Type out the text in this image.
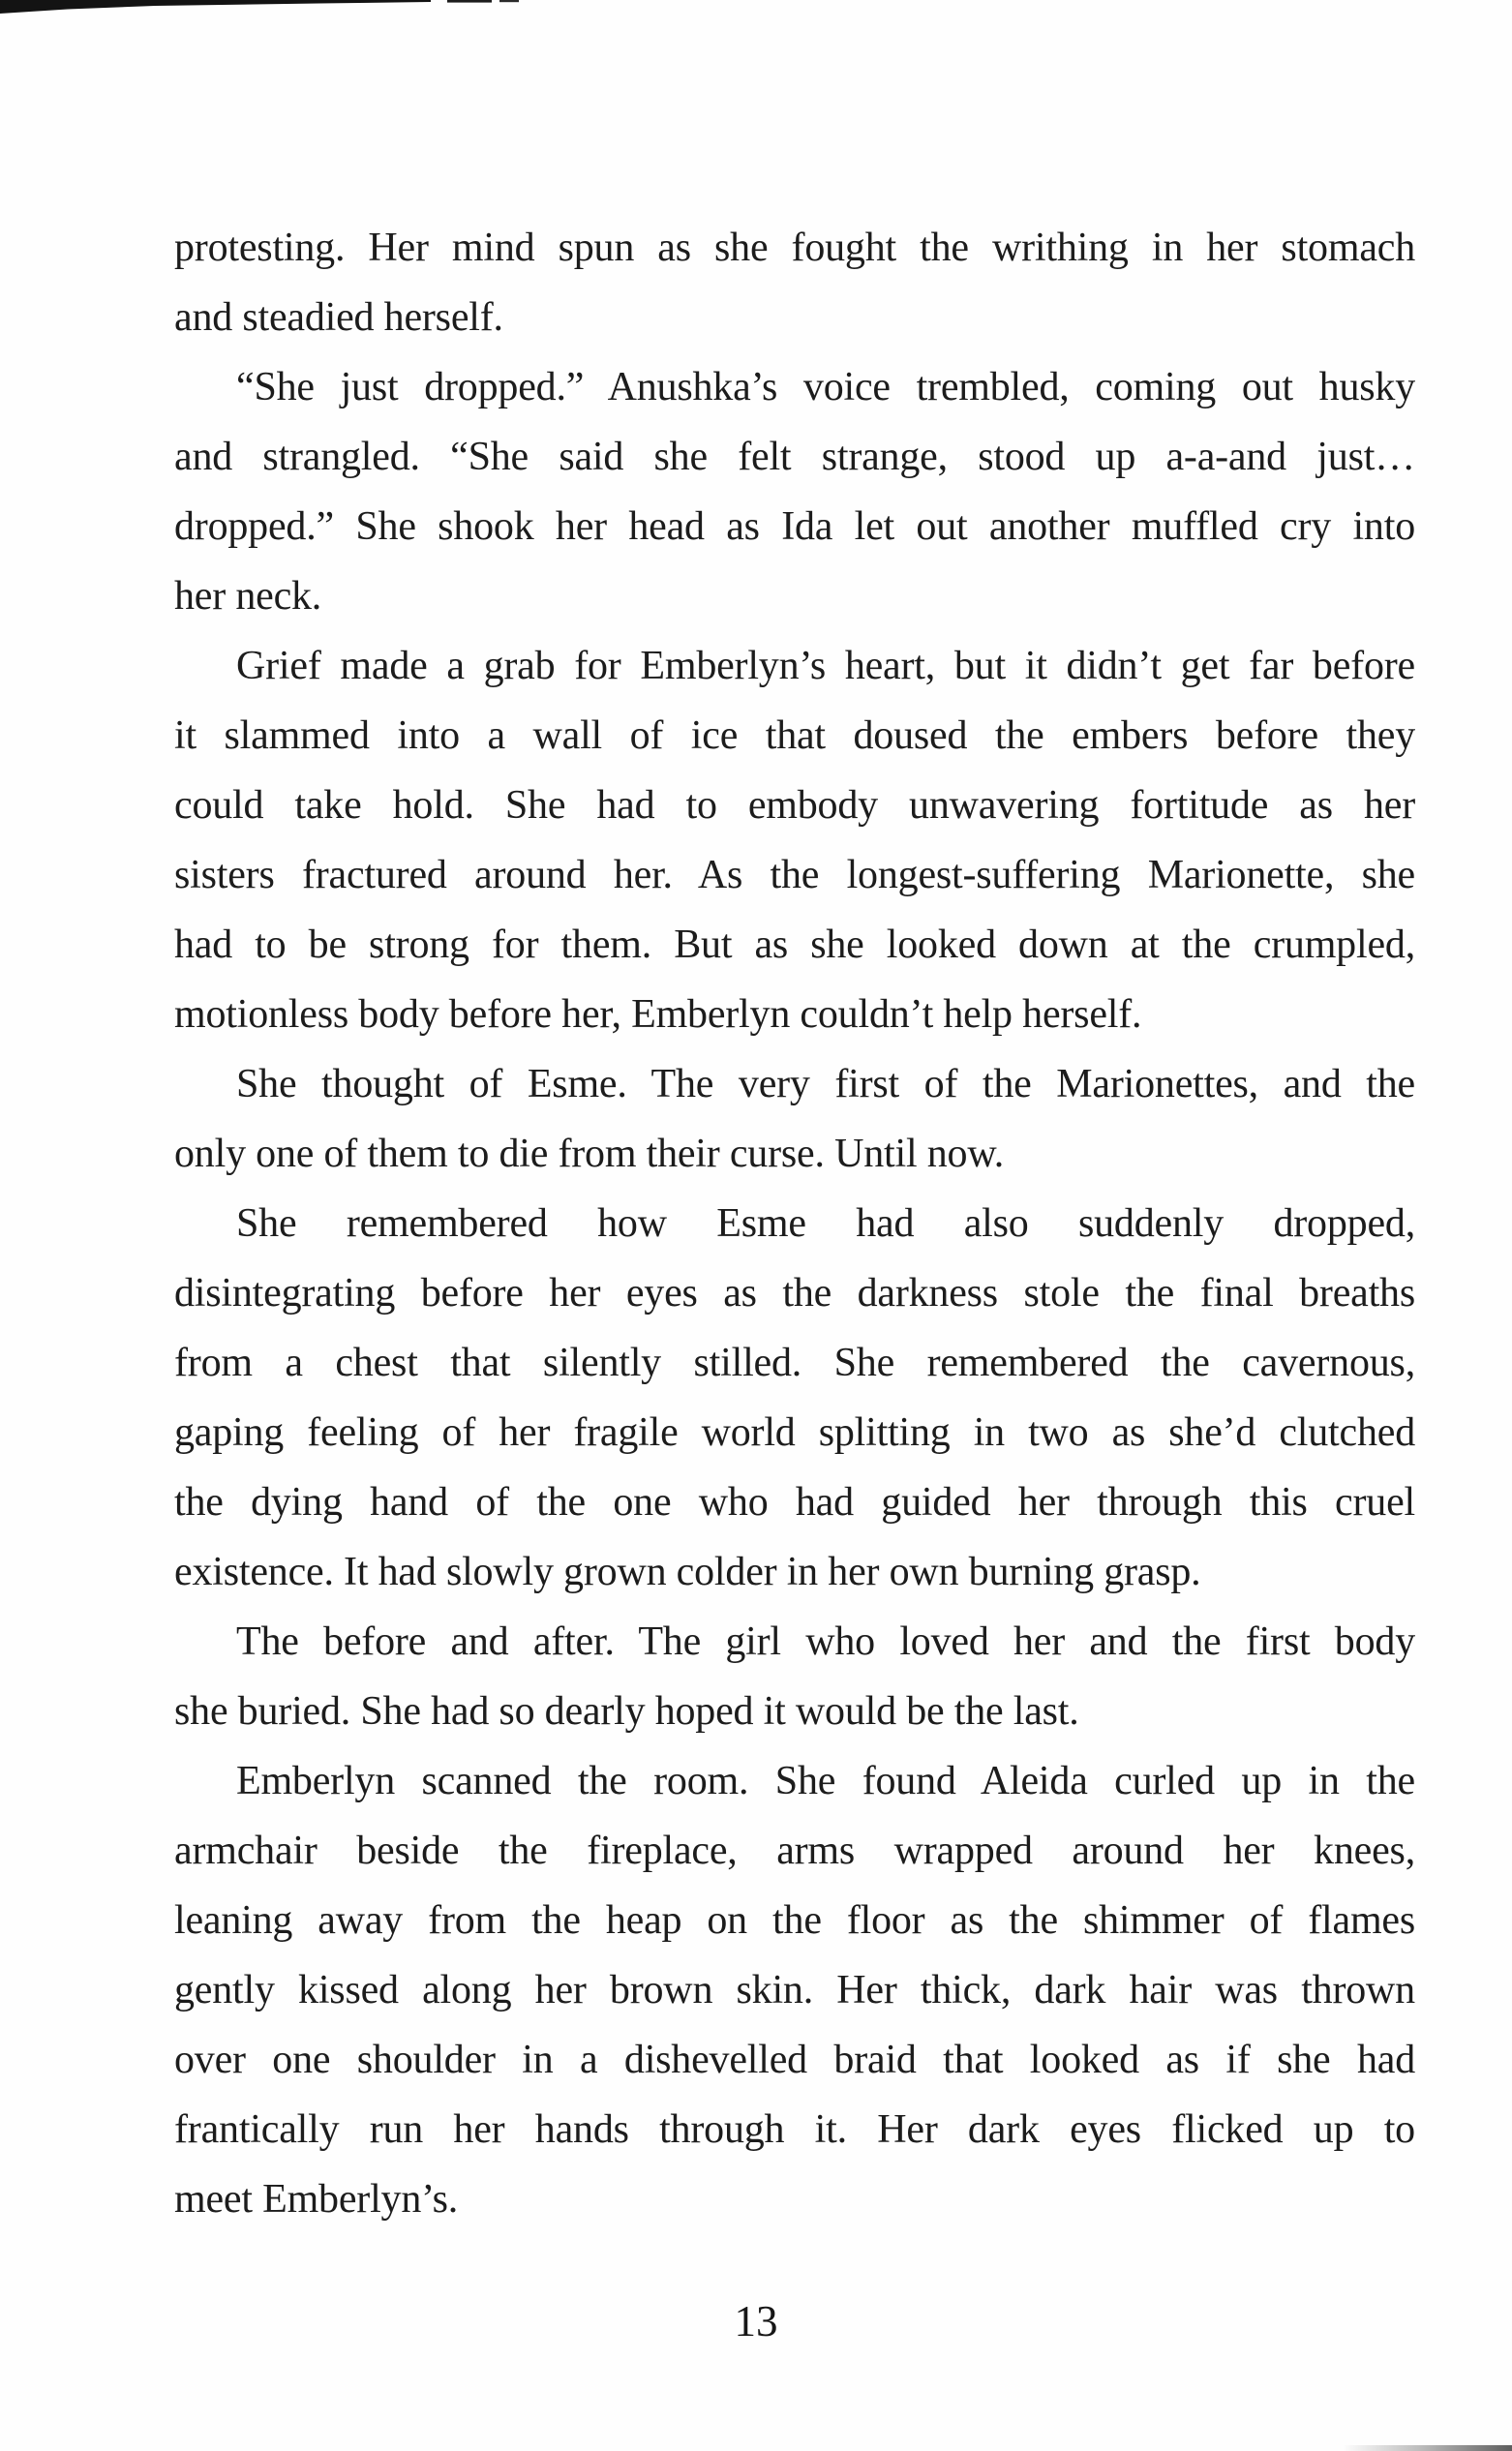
protesting. Her mind spun as she fought the writhing in her stomach
and steadied herself.
“She just dropped.” Anushka’s voice trembled, coming out husky
and strangled. “She said she felt strange, stood up a-a-and just…
dropped.” She shook her head as Ida let out another muffled cry into
her neck.
Grief made a grab for Emberlyn’s heart, but it didn’t get far before
it slammed into a wall of ice that doused the embers before they
could take hold. She had to embody unwavering fortitude as her
sisters fractured around her. As the longest-suffering Marionette, she
had to be strong for them. But as she looked down at the crumpled,
motionless body before her, Emberlyn couldn’t help herself.
She thought of Esme. The very first of the Marionettes, and the
only one of them to die from their curse. Until now.
She remembered how Esme had also suddenly dropped,
disintegrating before her eyes as the darkness stole the final breaths
from a chest that silently stilled. She remembered the cavernous,
gaping feeling of her fragile world splitting in two as she’d clutched
the dying hand of the one who had guided her through this cruel
existence. It had slowly grown colder in her own burning grasp.
The before and after. The girl who loved her and the first body
she buried. She had so dearly hoped it would be the last.
Emberlyn scanned the room. She found Aleida curled up in the
armchair beside the fireplace, arms wrapped around her knees,
leaning away from the heap on the floor as the shimmer of flames
gently kissed along her brown skin. Her thick, dark hair was thrown
over one shoulder in a dishevelled braid that looked as if she had
frantically run her hands through it. Her dark eyes flicked up to
meet Emberlyn’s.
13
